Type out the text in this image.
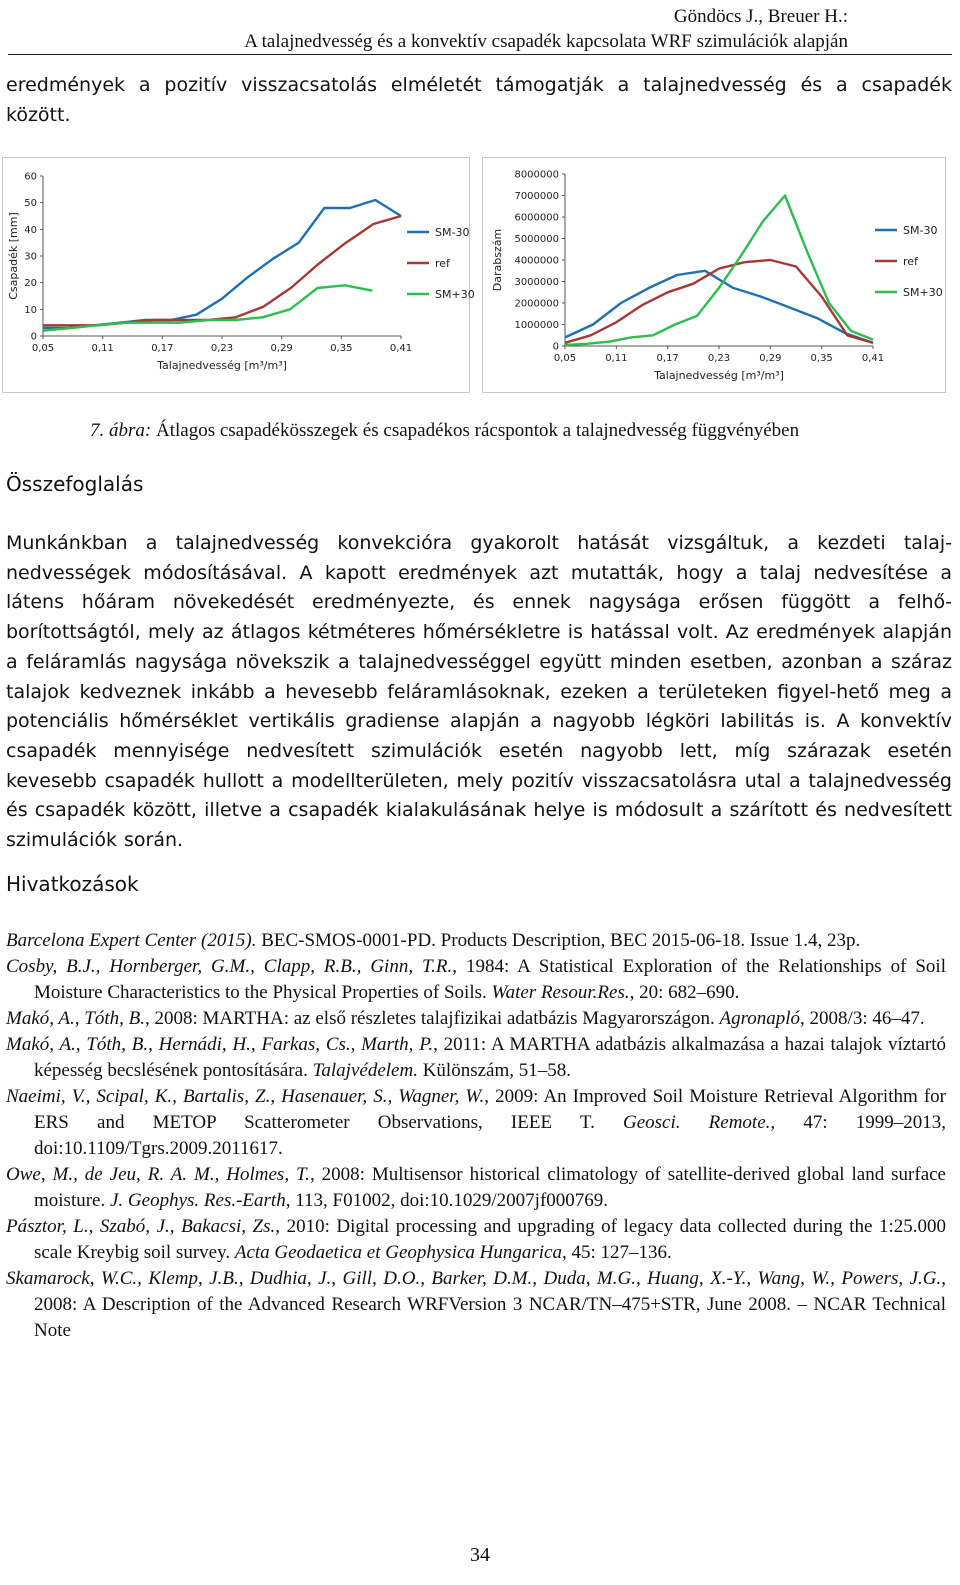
Göndöcs J., Breuer H.:
A talajnedvesség és a konvektív csapadék kapcsolata WRF szimulációk alapján
eredmények a pozitív visszacsatolás elméletét támogatják a talajnedvesség és a csapadék között.
0
10
20
30
40
50
60
0,05	0,11	0,17	0,23	0,29	0,35	0,41
Talajnedvesség [m³/m³]
Csapadék [mm]	SM-30
ref
SM+30
0
1000000
2000000
3000000
4000000
5000000
6000000
7000000
8000000
0,05	0,11	0,17	0,23	0,29	0,35	0,41
Talajnedvesség [m³/m³]
Darabszám	SM-30
ref
SM+30
7. ábra: Átlagos csapadékösszegek és csapadékos rácspontok a talajnedvesség függvényében
Összefoglalás
Munkánkban a talajnedvesség konvekcióra gyakorolt hatását vizsgáltuk, a kezdeti talaj-nedvességek módosításával. A kapott eredmények azt mutatták, hogy a talaj nedvesítése a látens hőáram növekedését eredményezte, és ennek nagysága erősen függött a felhő-borítottságtól, mely az átlagos kétméteres hőmérsékletre is hatással volt. Az eredmények alapján a feláramlás nagysága növekszik a talajnedvességgel együtt minden esetben, azonban a száraz talajok kedveznek inkább a hevesebb feláramlásoknak, ezeken a területeken figyel-hető meg a potenciális hőmérséklet vertikális gradiense alapján a nagyobb légköri labilitás is. A konvektív csapadék mennyisége nedvesített szimulációk esetén nagyobb lett, míg szárazak esetén kevesebb csapadék hullott a modellterületen, mely pozitív visszacsatolásra utal a talajnedvesség és csapadék között, illetve a csapadék kialakulásának helye is módosult a szárított és nedvesített szimulációk során.
Hivatkozások

Barcelona Expert Center (2015). BEC-SMOS-0001-PD. Products Description, BEC 2015-06-18. Issue 1.4, 23p.

Cosby, B.J., Hornberger, G.M., Clapp, R.B., Ginn, T.R., 1984: A Statistical Exploration of the Relationships of Soil Moisture Characteristics to the Physical Properties of Soils. Water Resour.Res., 20: 682–690.

Makó, A., Tóth, B., 2008: MARTHA: az első részletes talajfizikai adatbázis Magyarországon. Agronapló, 2008/3: 46–47.

Makó, A., Tóth, B., Hernádi, H., Farkas, Cs., Marth, P., 2011: A MARTHA adatbázis alkalmazása a hazai talajok víztartó képesség becslésének pontosítására. Talajvédelem. Különszám, 51–58.

Naeimi, V., Scipal, K., Bartalis, Z., Hasenauer, S., Wagner, W., 2009: An Improved Soil Moisture Retrieval Algorithm for ERS and METOP Scatterometer Observations, IEEE T. Geosci. Remote., 47: 1999–2013, doi:10.1109/Tgrs.2009.2011617.

Owe, M., de Jeu, R. A. M., Holmes, T., 2008: Multisensor historical climatology of satellite-derived global land surface moisture. J. Geophys. Res.-Earth, 113, F01002, doi:10.1029/2007jf000769.

Pásztor, L., Szabó, J., Bakacsi, Zs., 2010: Digital processing and upgrading of legacy data collected during the 1:25.000 scale Kreybig soil survey. Acta Geodaetica et Geophysica Hungarica, 45: 127–136.

Skamarock, W.C., Klemp, J.B., Dudhia, J., Gill, D.O., Barker, D.M., Duda, M.G., Huang, X.-Y., Wang, W., Powers, J.G., 2008: A Description of the Advanced Research WRFVersion 3 NCAR/TN–475+STR, June 2008. – NCAR Technical Note

34
